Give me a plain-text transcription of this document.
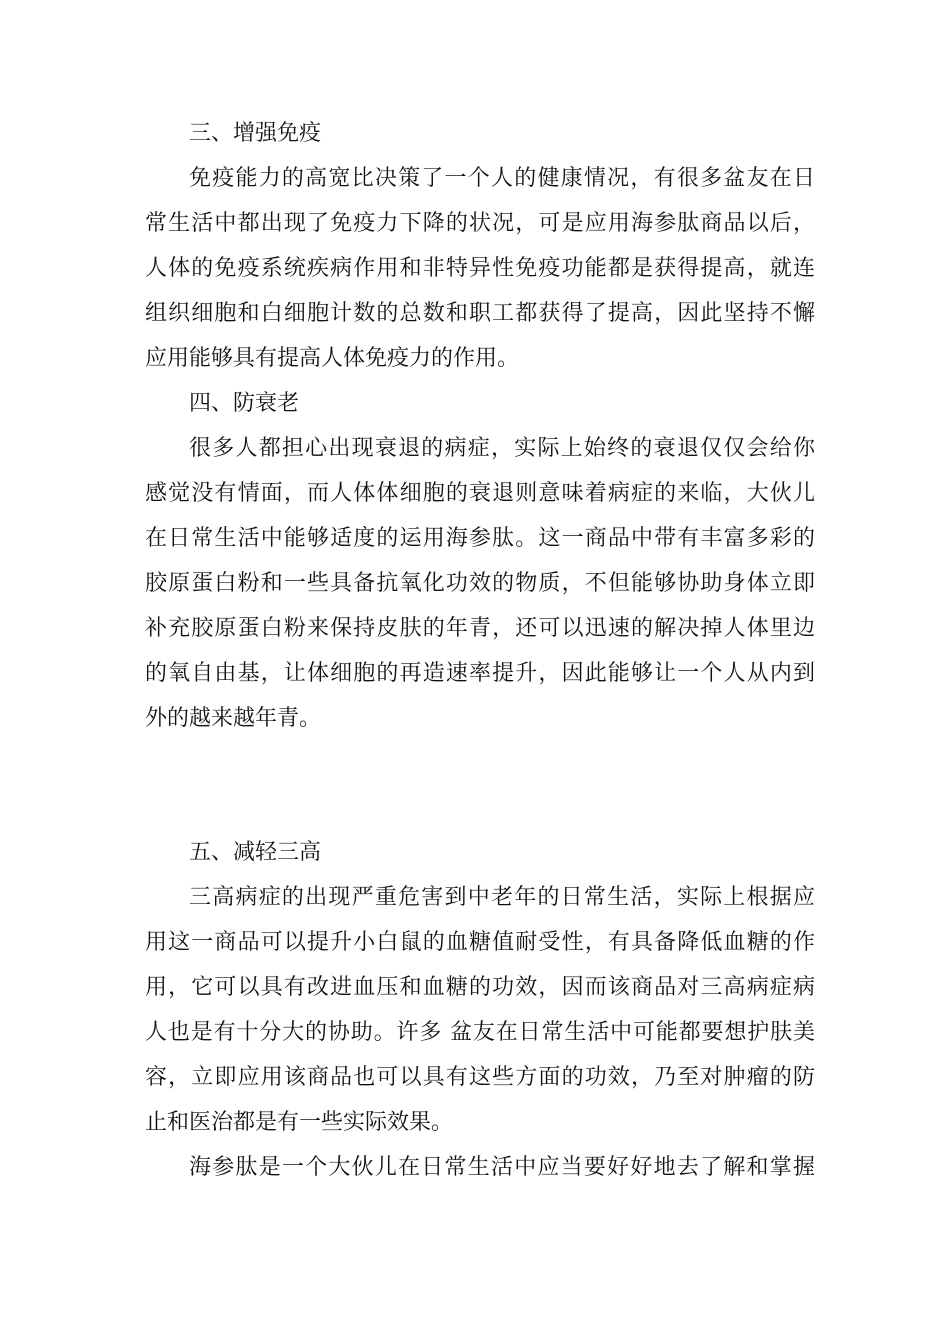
三、增强免疫
免疫能力的高宽比决策了一个人的健康情况，有很多盆友在日
常生活中都出现了免疫力下降的状况，可是应用海参肽商品以后，
人体的免疫系统疾病作用和非特异性免疫功能都是获得提高，就连
组织细胞和白细胞计数的总数和职工都获得了提高，因此坚持不懈
应用能够具有提高人体免疫力的作用。
四、防衰老
很多人都担心出现衰退的病症，实际上始终的衰退仅仅会给你
感觉没有情面，而人体体细胞的衰退则意味着病症的来临，大伙儿
在日常生活中能够适度的运用海参肽。这一商品中带有丰富多彩的
胶原蛋白粉和一些具备抗氧化功效的物质，不但能够协助身体立即
补充胶原蛋白粉来保持皮肤的年青，还可以迅速的解决掉人体里边
的氧自由基，让体细胞的再造速率提升，因此能够让一个人从内到
外的越来越年青。
五、减轻三高
三高病症的出现严重危害到中老年的日常生活，实际上根据应
用这一商品可以提升小白鼠的血糖值耐受性，有具备降低血糖的作
用，它可以具有改进血压和血糖的功效，因而该商品对三高病症病
人也是有十分大的协助。许多 盆友在日常生活中可能都要想护肤美
容，立即应用该商品也可以具有这些方面的功效，乃至对肿瘤的防
止和医治都是有一些实际效果。
海参肽是一个大伙儿在日常生活中应当要好好地去了解和掌握
